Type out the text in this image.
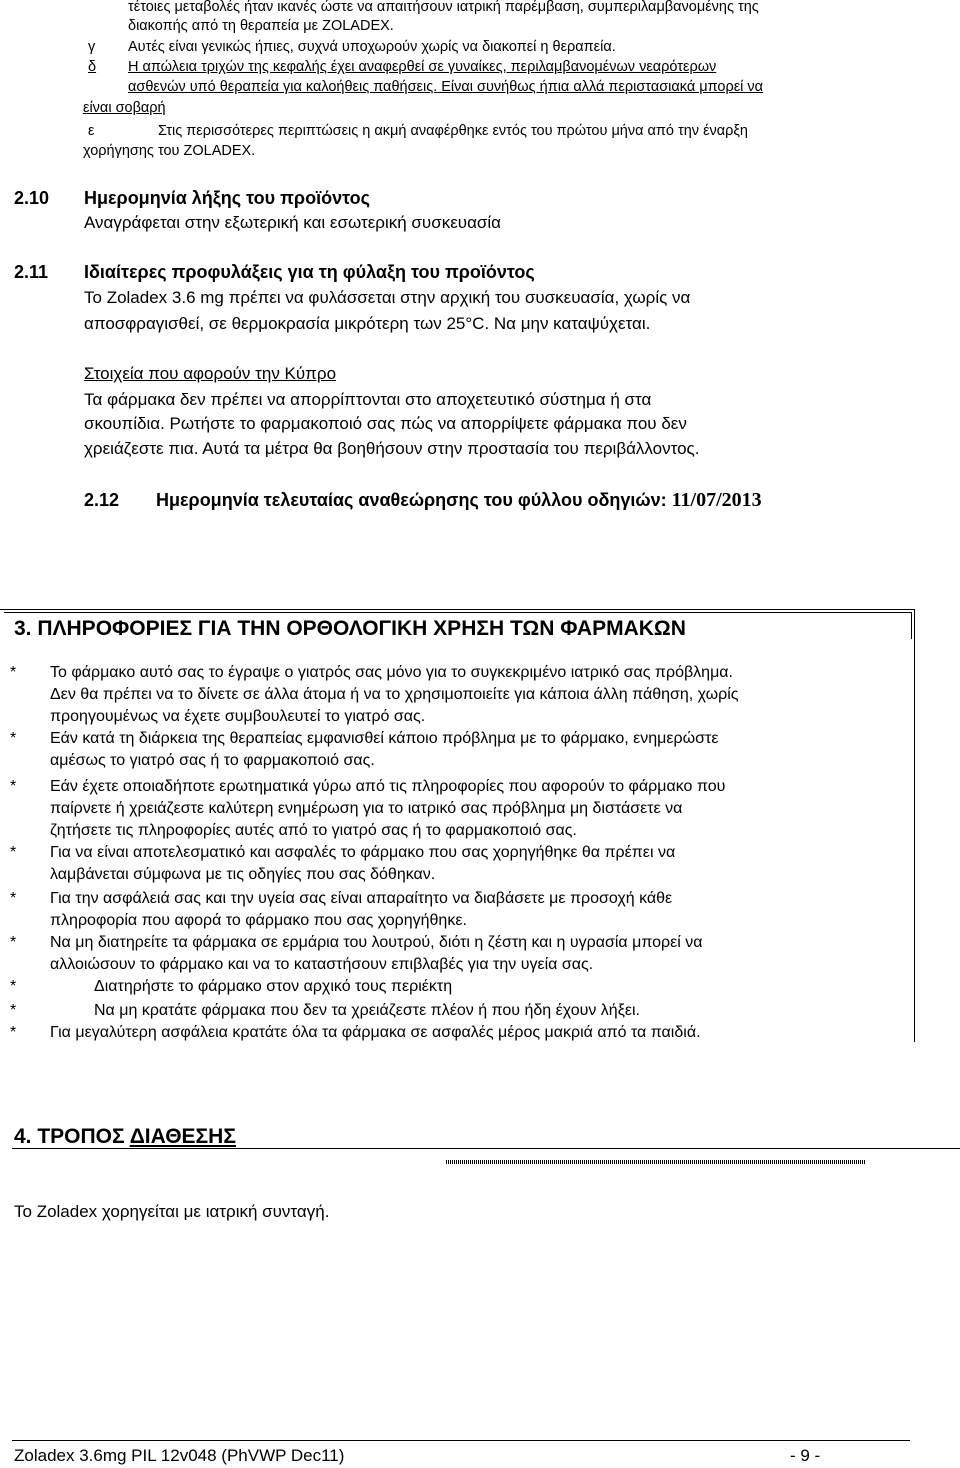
τέτοιες μεταβολές ήταν ικανές ώστε να απαιτήσουν ιατρική παρέμβαση, συμπεριλαμβανομένης της
διακοπής από τη θεραπεία με ZOLADEX.
γ Αυτές είναι γενικώς ήπιες, συχνά υποχωρούν χωρίς να διακοπεί η θεραπεία.
δ Η απώλεια τριχών της κεφαλής έχει αναφερθεί σε γυναίκες, περιλαμβανομένων νεαρότερων
ασθενών υπό θεραπεία για καλοήθεις παθήσεις. Είναι συνήθως ήπια αλλά περιστασιακά μπορεί να
είναι σοβαρή
ε	Στις περισσότερες περιπτώσεις η ακμή αναφέρθηκε εντός του πρώτου μήνα από την έναρξη
χορήγησης του ZOLADEX.
2.10 Ημερομηνία λήξης του προϊόντος
Αναγράφεται στην εξωτερική και εσωτερική συσκευασία
2.11 Ιδιαίτερες προφυλάξεις για τη φύλαξη του προϊόντος
Το Zoladex 3.6 mg πρέπει να φυλάσσεται στην αρχική του συσκευασία, χωρίς να
αποσφραγισθεί, σε θερμοκρασία μικρότερη των 25°C. Να μην καταψύχεται.
Στοιχεία που αφορούν την Κύπρο
Τα φάρμακα δεν πρέπει να απορρίπτονται στο αποχετευτικό σύστημα ή στα
σκουπίδια. Ρωτήστε το φαρμακοποιό σας πώς να απορρίψετε φάρμακα που δεν
χρειάζεστε πια. Αυτά τα μέτρα θα βοηθήσουν στην προστασία του περιβάλλοντος.
2.12 Ημερομηνία τελευταίας αναθεώρησης του φύλλου οδηγιών: 11/07/2013
3. ΠΛΗΡΟΦΟΡΙΕΣ ΓΙΑ ΤΗΝ ΟΡΘΟΛΟΓΙΚΗ ΧΡΗΣΗ ΤΩΝ ΦΑΡΜΑΚΩΝ
* Το φάρμακο αυτό σας το έγραψε ο γιατρός σας μόνο για το συγκεκριμένο ιατρικό σας πρόβλημα.
Δεν θα πρέπει να το δίνετε σε άλλα άτομα ή να το χρησιμοποιείτε για κάποια άλλη πάθηση, χωρίς
προηγουμένως να έχετε συμβουλευτεί το γιατρό σας.
* Εάν κατά τη διάρκεια της θεραπείας εμφανισθεί κάποιο πρόβλημα με το φάρμακο, ενημερώστε
αμέσως το γιατρό σας ή το φαρμακοποιό σας.
* Εάν έχετε οποιαδήποτε ερωτηματικά γύρω από τις πληροφορίες που αφορούν το φάρμακο που
παίρνετε ή χρειάζεστε καλύτερη ενημέρωση για το ιατρικό σας πρόβλημα μη διστάσετε να
ζητήσετε τις πληροφορίες αυτές από το γιατρό σας ή το φαρμακοποιό σας.
* Για να είναι αποτελεσματικό και ασφαλές το φάρμακο που σας χορηγήθηκε θα πρέπει να
λαμβάνεται σύμφωνα με τις οδηγίες που σας δόθηκαν.
* Για την ασφάλειά σας και την υγεία σας είναι απαραίτητο να διαβάσετε με προσοχή κάθε
πληροφορία που αφορά το φάρμακο που σας χορηγήθηκε.
* Να μη διατηρείτε τα φάρμακα σε ερμάρια του λουτρού, διότι η ζέστη και η υγρασία μπορεί να
αλλοιώσουν το φάρμακο και να το καταστήσουν επιβλαβές για την υγεία σας.
*	Διατηρήστε το φάρμακο στον αρχικό τους περιέκτη
*	Να μη κρατάτε φάρμακα που δεν τα χρειάζεστε πλέον ή που ήδη έχουν λήξει.
* Για μεγαλύτερη ασφάλεια κρατάτε όλα τα φάρμακα σε ασφαλές μέρος μακριά από τα παιδιά.
4. ΤΡΟΠΟΣ ΔΙΑΘΕΣΗΣ
Το Zoladex χορηγείται με ιατρική συνταγή.
Zoladex 3.6mg PIL 12v048 (PhVWP Dec11)	- 9 -
